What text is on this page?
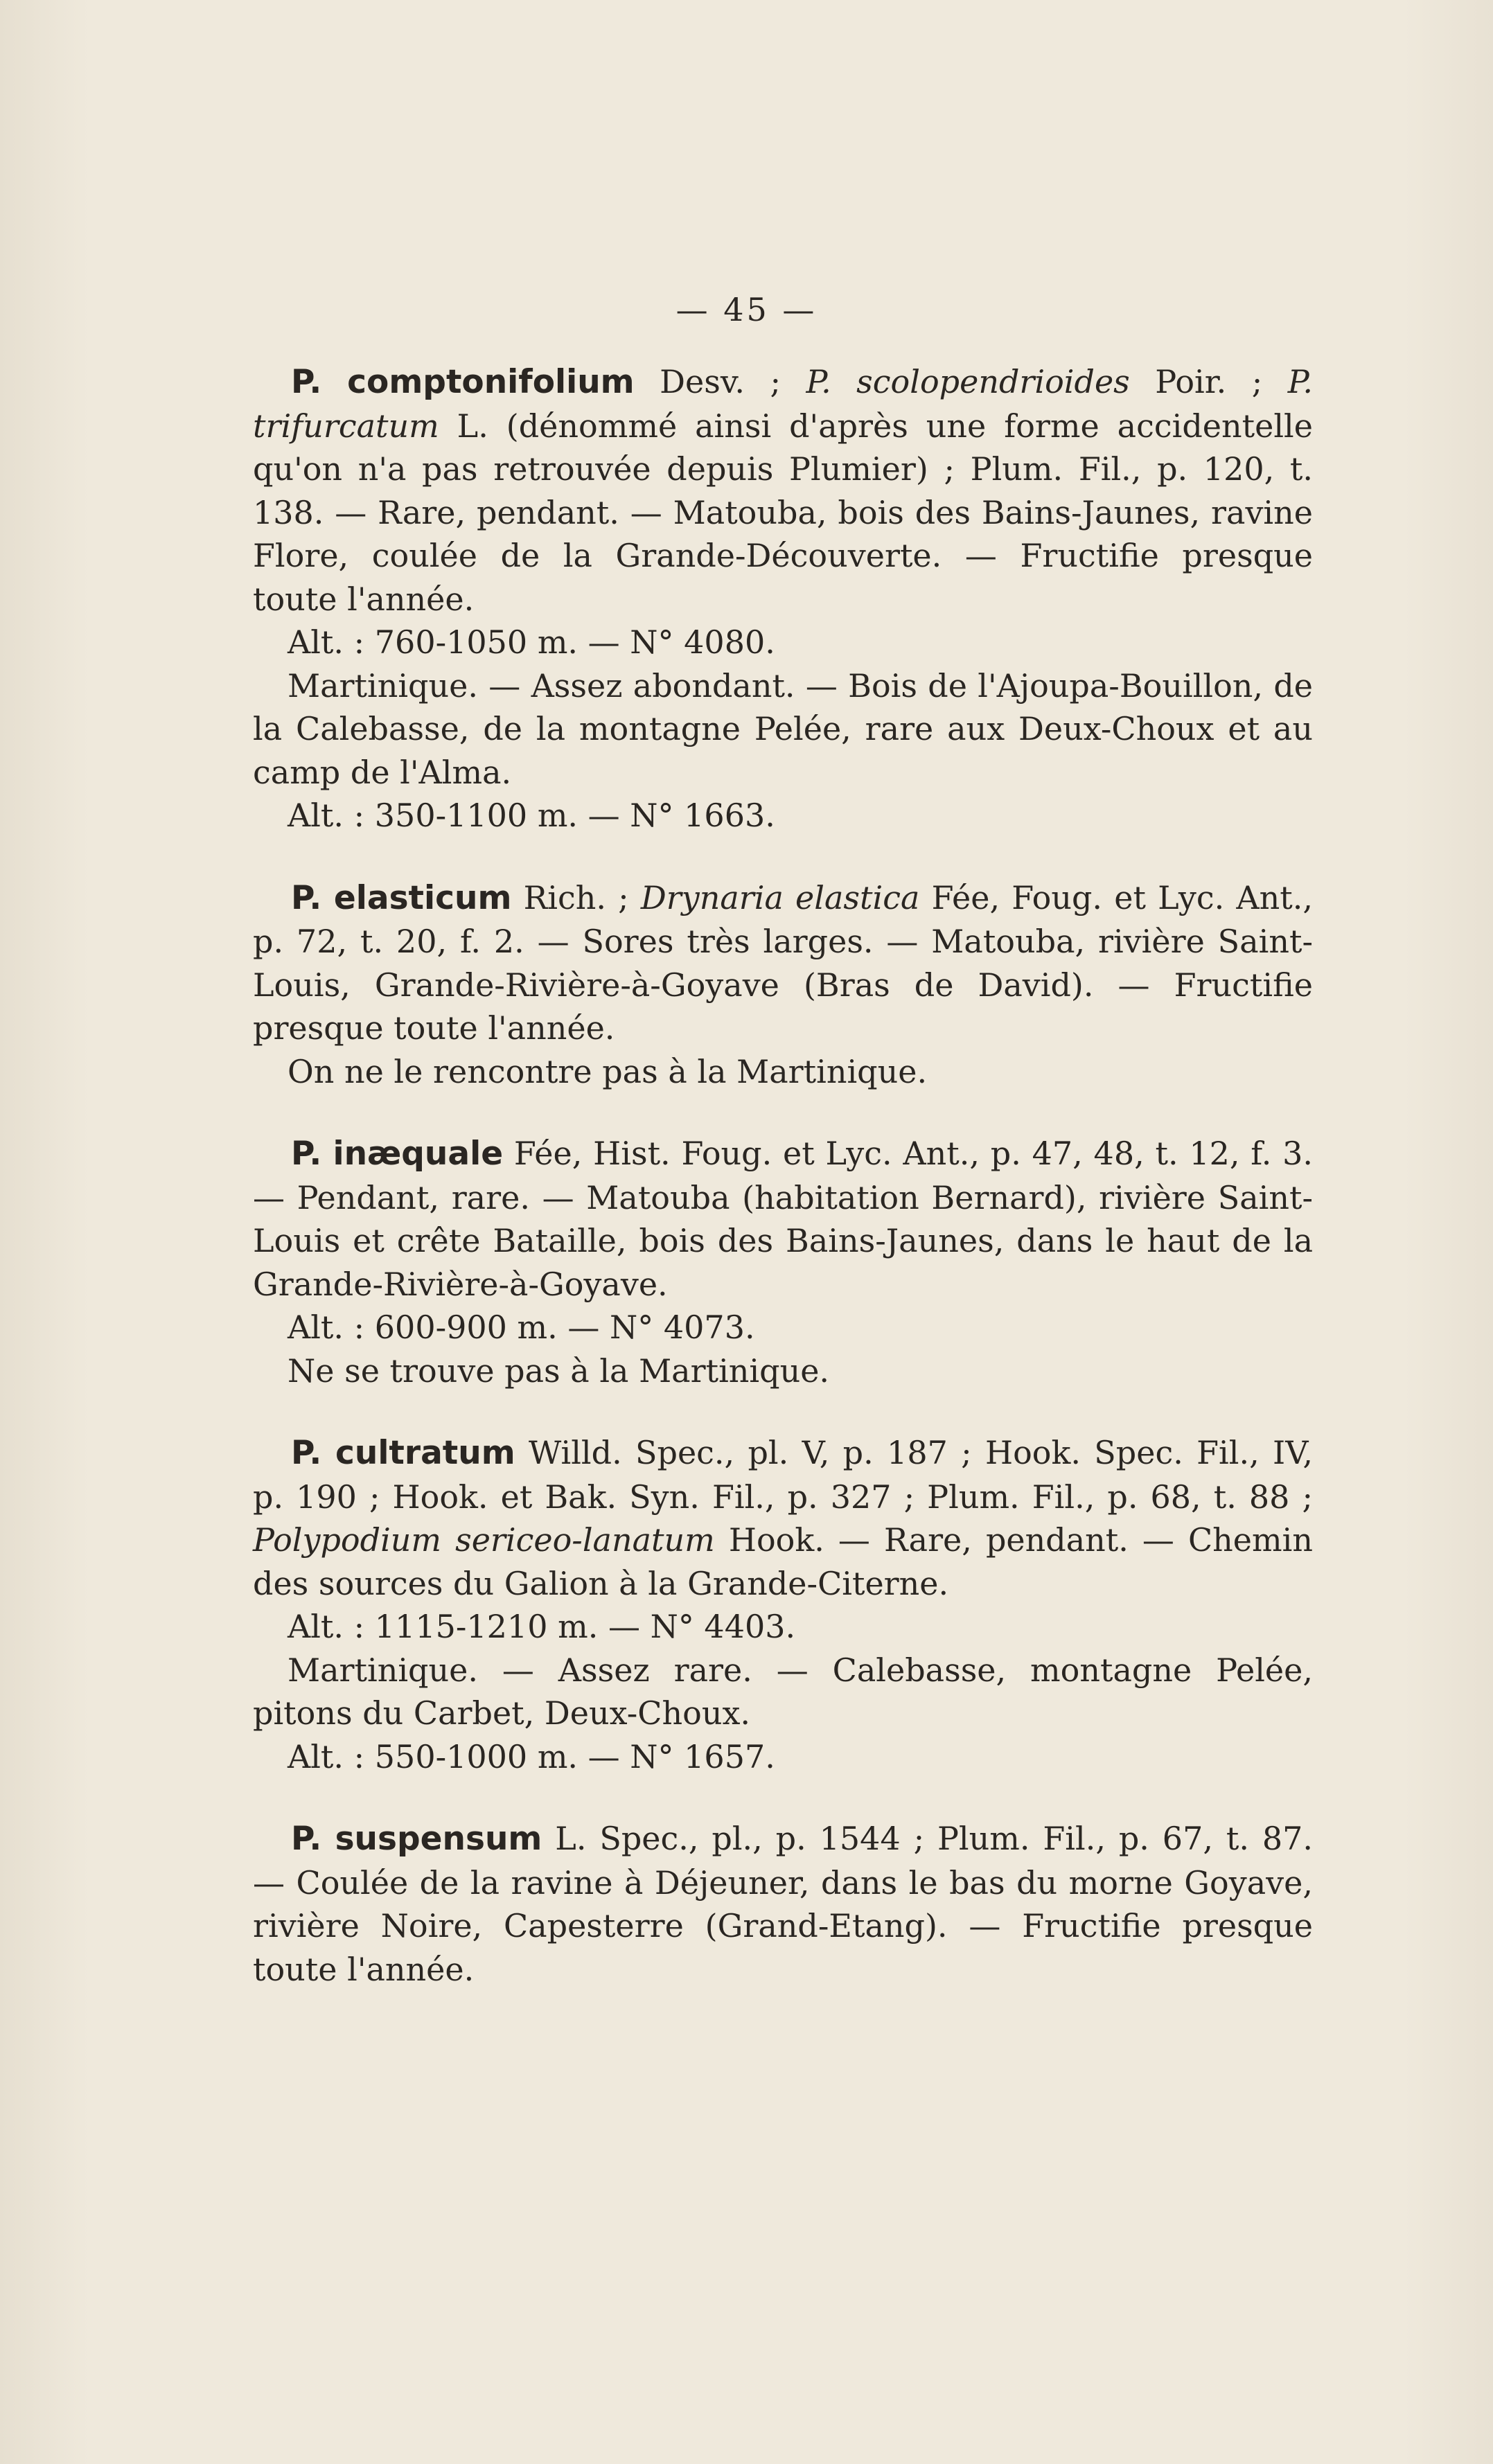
— 45 —

P. comptonifolium Desv. ; P. scolopendrioides Poir. ; P. trifurcatum L. (dénommé ainsi d'après une forme accidentelle qu'on n'a pas retrouvée depuis Plumier) ; Plum. Fil., p. 120, t. 138. — Rare, pendant. — Matouba, bois des Bains-Jaunes, ravine Flore, coulée de la Grande-Découverte. — Fructifie presque toute l'année.

Alt. : 760-1050 m. — N° 4080.

Martinique. — Assez abondant. — Bois de l'Ajoupa-Bouillon, de la Calebasse, de la montagne Pelée, rare aux Deux-Choux et au camp de l'Alma.

Alt. : 350-1100 m. — N° 1663.

P. elasticum Rich. ; Drynaria elastica Fée, Foug. et Lyc. Ant., p. 72, t. 20, f. 2. — Sores très larges. — Matouba, rivière Saint-Louis, Grande-Rivière-à-Goyave (Bras de David). — Fructifie presque toute l'année.

On ne le rencontre pas à la Martinique.

P. inæquale Fée, Hist. Foug. et Lyc. Ant., p. 47, 48, t. 12, f. 3. — Pendant, rare. — Matouba (habitation Bernard), rivière Saint-Louis et crête Bataille, bois des Bains-Jaunes, dans le haut de la Grande-Rivière-à-Goyave.

Alt. : 600-900 m. — N° 4073.

Ne se trouve pas à la Martinique.

P. cultratum Willd. Spec., pl. V, p. 187 ; Hook. Spec. Fil., IV, p. 190 ; Hook. et Bak. Syn. Fil., p. 327 ; Plum. Fil., p. 68, t. 88 ; Polypodium sericeo-lanatum Hook. — Rare, pendant. — Chemin des sources du Galion à la Grande-Citerne.

Alt. : 1115-1210 m. — N° 4403.

Martinique. — Assez rare. — Calebasse, montagne Pelée, pitons du Carbet, Deux-Choux.

Alt. : 550-1000 m. — N° 1657.

P. suspensum L. Spec., pl., p. 1544 ; Plum. Fil., p. 67, t. 87. — Coulée de la ravine à Déjeuner, dans le bas du morne Goyave, rivière Noire, Capesterre (Grand-Etang). — Fructifie presque toute l'année.
